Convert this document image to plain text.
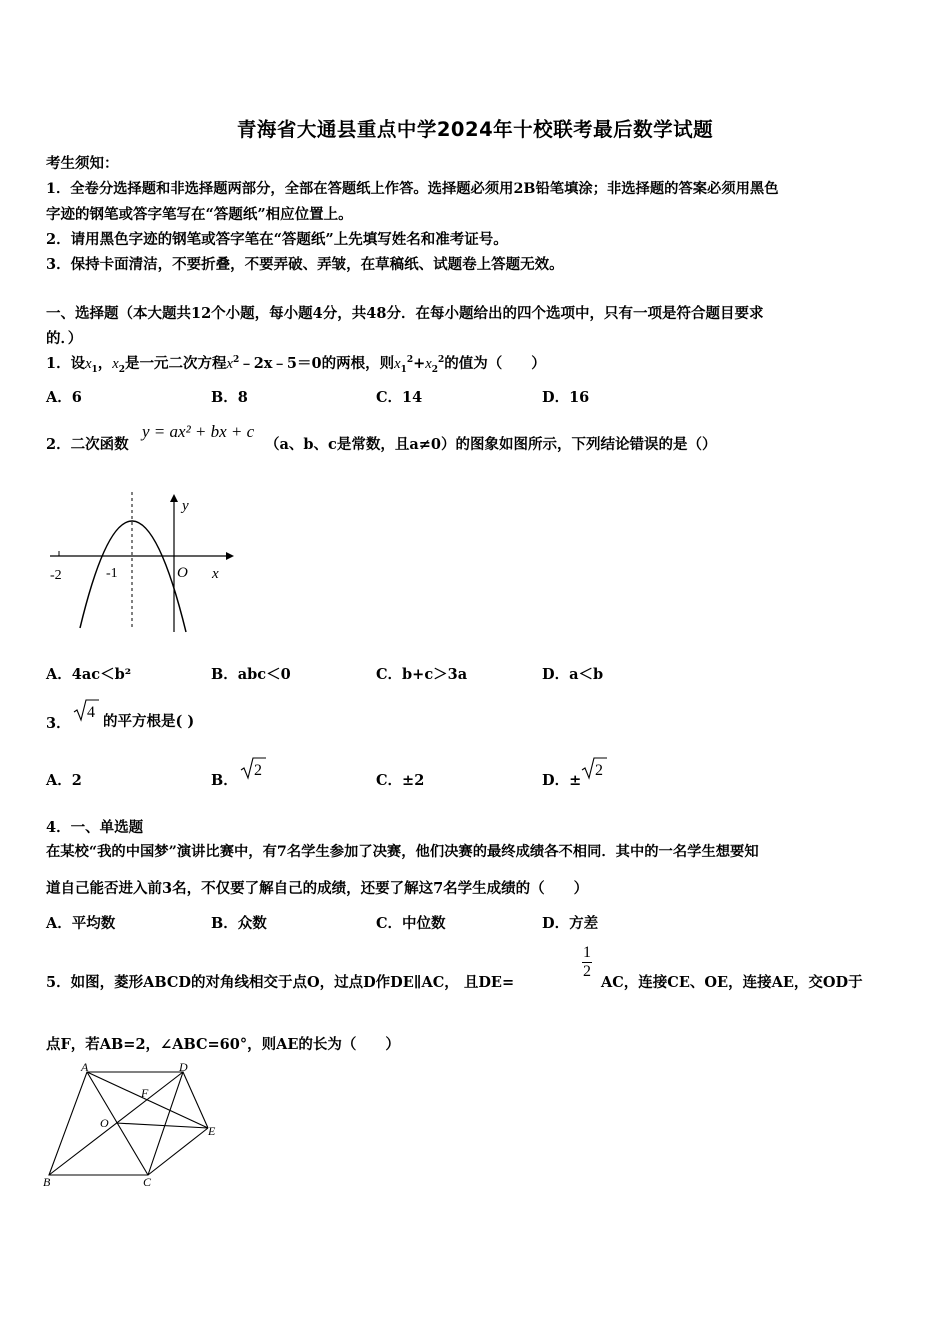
青海省大通县重点中学2024年十校联考最后数学试题
考生须知：
1．全卷分选择题和非选择题两部分，全部在答题纸上作答。选择题必须用2B铅笔填涂；非选择题的答案必须用黑色
字迹的钢笔或答字笔写在“答题纸”相应位置上。
2．请用黑色字迹的钢笔或答字笔在“答题纸”上先填写姓名和准考证号。
3．保持卡面清洁，不要折叠，不要弄破、弄皱，在草稿纸、试题卷上答题无效。
一、选择题（本大题共12个小题，每小题4分，共48分．在每小题给出的四个选项中，只有一项是符合题目要求
的．）
1．设$x_1$，$x_2$是一元二次方程$x^2﹣2x﹣5=0$的两根，则$x_1^2+x_2^2$的值为（　　）
A．6	B．8	C．14	D．16
2．二次函数
y = ax² + bx + c
（a、b、c是常数，且a≠0）的图象如图所示，下列结论错误的是（）
y
x
O
-1
-2
A．4ac＜b²	B．abc＜0	C．b+c＞3a	D．a＜b
3．
4
的平方根是( )
A．2	B．
2
C．±2	D．±
2
4．一、单选题
在某校“我的中国梦”演讲比赛中，有7名学生参加了决赛，他们决赛的最终成绩各不相同．其中的一名学生想要知
道自己能否进入前3名，不仅要了解自己的成绩，还要了解这7名学生成绩的（　　）
A．平均数	B．众数	C．中位数	D．方差
5．如图，菱形ABCD的对角线相交于点O，过点D作DE∥AC， 且DE=
$\frac{1}{2}$
AC，连接CE、OE，连接AE，交OD于
点F，若AB=2，∠ABC=60°，则AE的长为（　　）
A	D
F
O
E
B	C
